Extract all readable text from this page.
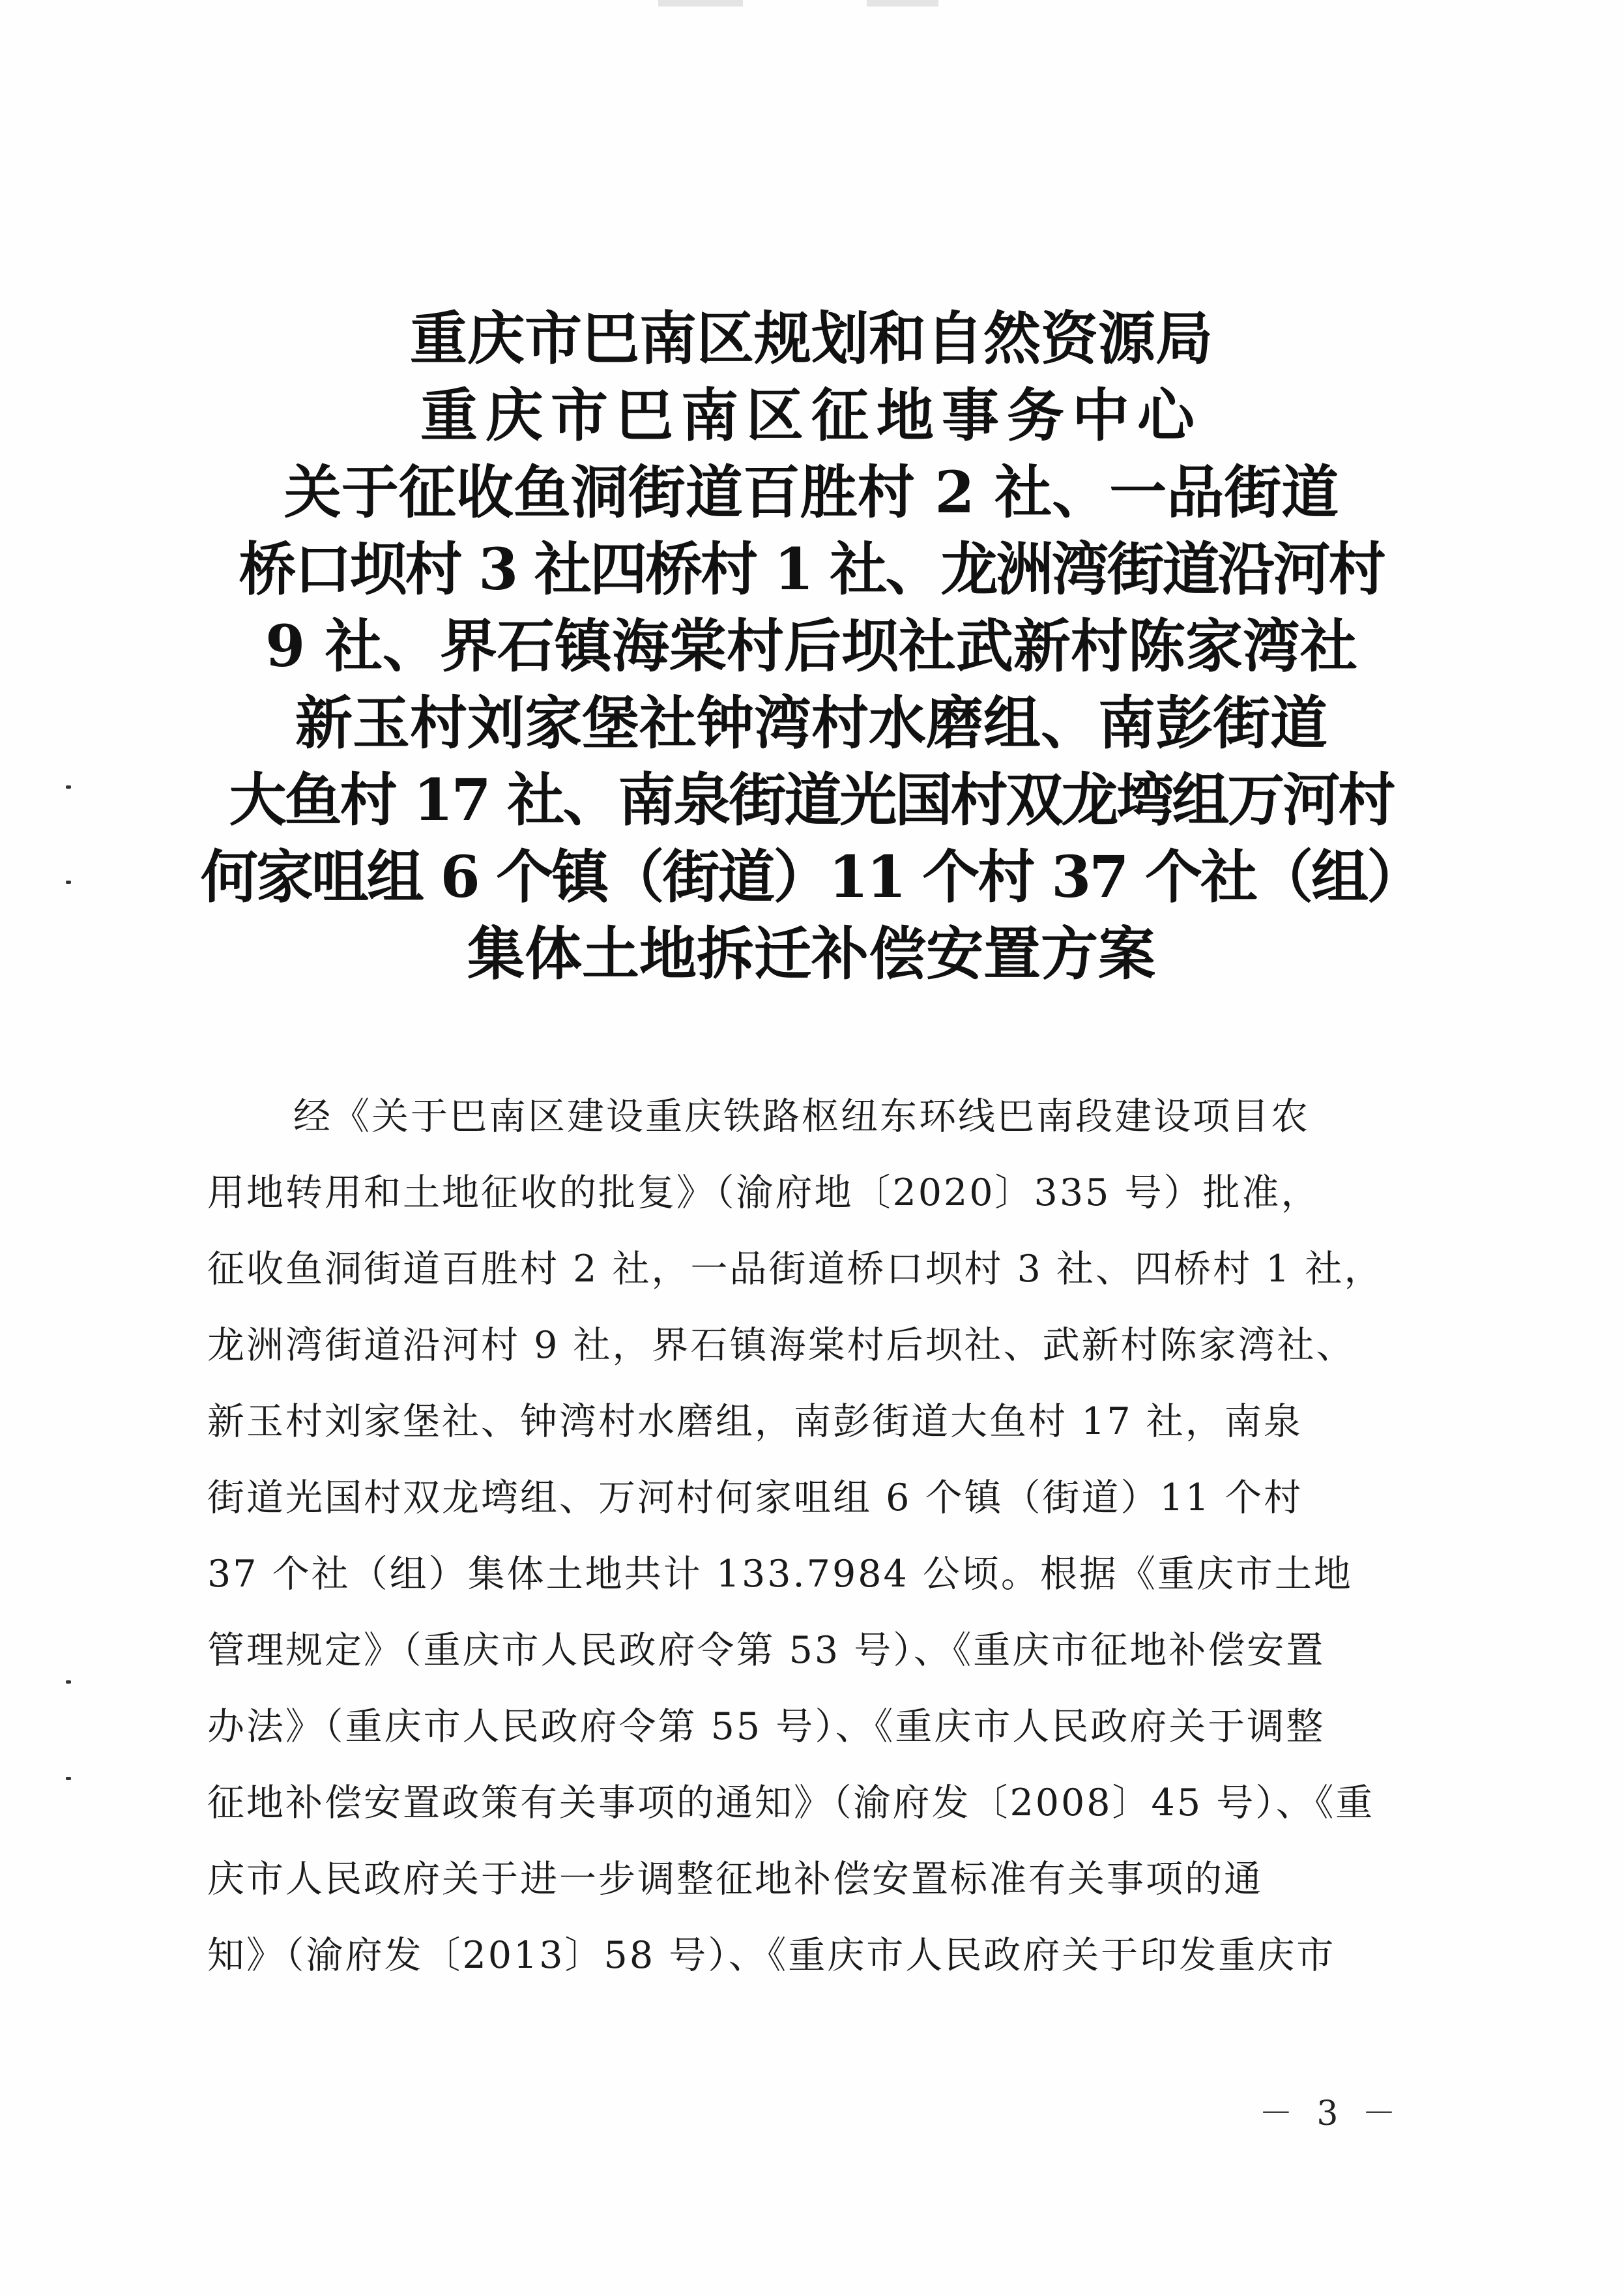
重庆市巴南区规划和自然资源局
重庆市巴南区征地事务中心
关于征收鱼洞街道百胜村 2 社、一品街道
桥口坝村 3 社四桥村 1 社、龙洲湾街道沿河村
9 社、界石镇海棠村后坝社武新村陈家湾社
新玉村刘家堡社钟湾村水磨组、南彭街道
大鱼村 17 社、南泉街道光国村双龙塆组万河村
何家咀组 6 个镇（街道）11 个村 37 个社（组）
集体土地拆迁补偿安置方案
经《关于巴南区建设重庆铁路枢纽东环线巴南段建设项目农
用地转用和土地征收的批复》（渝府地〔2020〕335 号）批准，
征收鱼洞街道百胜村 2 社，一品街道桥口坝村 3 社、四桥村 1 社，
龙洲湾街道沿河村 9 社，界石镇海棠村后坝社、武新村陈家湾社、
新玉村刘家堡社、钟湾村水磨组，南彭街道大鱼村 17 社，南泉
街道光国村双龙塆组、万河村何家咀组 6 个镇（街道）11 个村
37 个社（组）集体土地共计 133.7984 公顷。根据《重庆市土地
管理规定》（重庆市人民政府令第 53 号）、《重庆市征地补偿安置
办法》（重庆市人民政府令第 55 号）、《重庆市人民政府关于调整
征地补偿安置政策有关事项的通知》（渝府发〔2008〕45 号）、《重
庆市人民政府关于进一步调整征地补偿安置标准有关事项的通
知》（渝府发〔2013〕58 号）、《重庆市人民政府关于印发重庆市
－ 3 －
